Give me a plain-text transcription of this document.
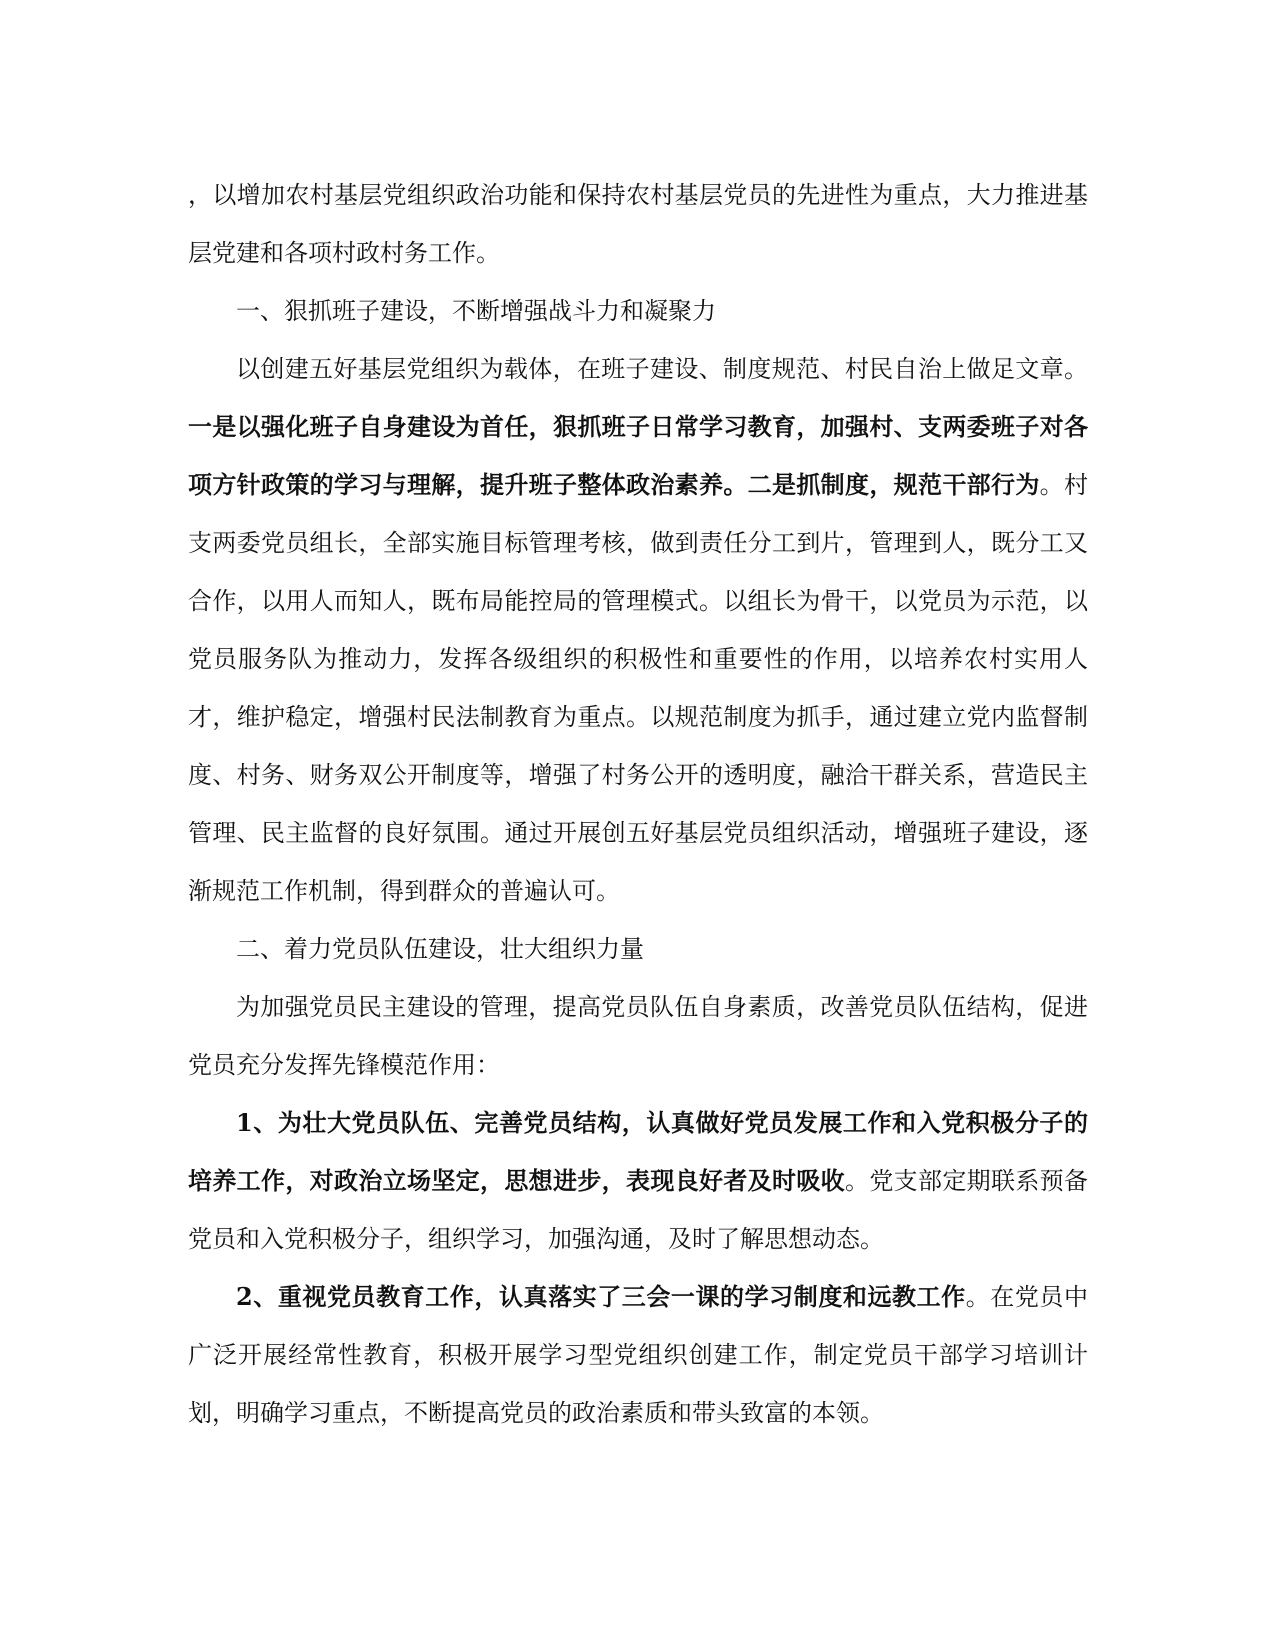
，以增加农村基层党组织政治功能和保持农村基层党员的先进性为重点，大力推进基层党建和各项村政村务工作。

一、狠抓班子建设，不断增强战斗力和凝聚力

以创建五好基层党组织为载体，在班子建设、制度规范、村民自治上做足文章。一是以强化班子自身建设为首任，狠抓班子日常学习教育，加强村、支两委班子对各项方针政策的学习与理解，提升班子整体政治素养。二是抓制度，规范干部行为。村支两委党员组长，全部实施目标管理考核，做到责任分工到片，管理到人，既分工又合作，以用人而知人，既布局能控局的管理模式。以组长为骨干，以党员为示范，以党员服务队为推动力，发挥各级组织的积极性和重要性的作用，以培养农村实用人才，维护稳定，增强村民法制教育为重点。以规范制度为抓手，通过建立党内监督制度、村务、财务双公开制度等，增强了村务公开的透明度，融洽干群关系，营造民主管理、民主监督的良好氛围。通过开展创五好基层党员组织活动，增强班子建设，逐渐规范工作机制，得到群众的普遍认可。

二、着力党员队伍建设，壮大组织力量

为加强党员民主建设的管理，提高党员队伍自身素质，改善党员队伍结构，促进党员充分发挥先锋模范作用：

1、为壮大党员队伍、完善党员结构，认真做好党员发展工作和入党积极分子的培养工作，对政治立场坚定，思想进步，表现良好者及时吸收。党支部定期联系预备党员和入党积极分子，组织学习，加强沟通，及时了解思想动态。

2、重视党员教育工作，认真落实了三会一课的学习制度和远教工作。在党员中广泛开展经常性教育，积极开展学习型党组织创建工作，制定党员干部学习培训计划，明确学习重点，不断提高党员的政治素质和带头致富的本领。
